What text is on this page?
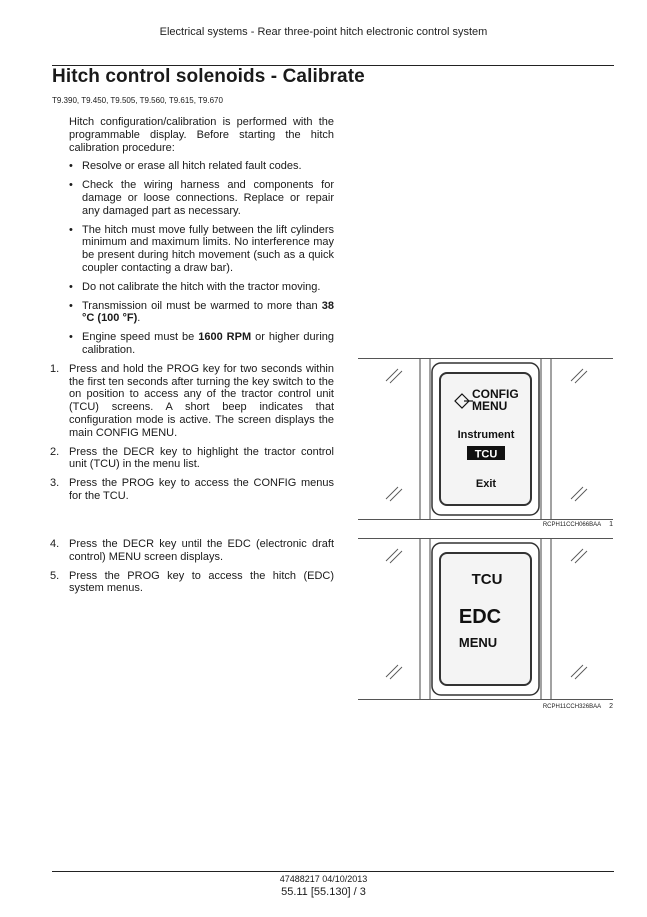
Electrical systems - Rear three-point hitch electronic control system
Hitch control solenoids - Calibrate
T9.390, T9.450, T9.505, T9.560, T9.615, T9.670

Hitch configuration/calibration is performed with the programmable display. Before starting the hitch calibration procedure:

• Resolve or erase all hitch related fault codes.
• Check the wiring harness and components for damage or loose connections. Replace or repair any damaged part as necessary.
• The hitch must move fully between the lift cylinders minimum and maximum limits. No interference may be present during hitch movement (such as a quick coupler contacting a draw bar).
• Do not calibrate the hitch with the tractor moving.
• Transmission oil must be warmed to more than 38 °C (100 °F).
• Engine speed must be 1600 RPM or higher during calibration.
1. Press and hold the PROG key for two seconds within the first ten seconds after turning the key switch to the on position to access any of the tractor control unit (TCU) screens. A short beep indicates that configuration mode is active. The screen displays the main CONFIG MENU.
2. Press the DECR key to highlight the tractor control unit (TCU) in the menu list.
3. Press the PROG key to access the CONFIG menus for the TCU.
4. Press the DECR key until the EDC (electronic draft control) MENU screen displays.
5. Press the PROG key to access the hitch (EDC) system menus.
CONFIG
MENU
Instrument
TCU
Exit
RCPH11CCH066BAA 1
TCU
EDC
MENU
RCPH11CCH326BAA 2
47488217 04/10/2013
55.11 [55.130] / 3
